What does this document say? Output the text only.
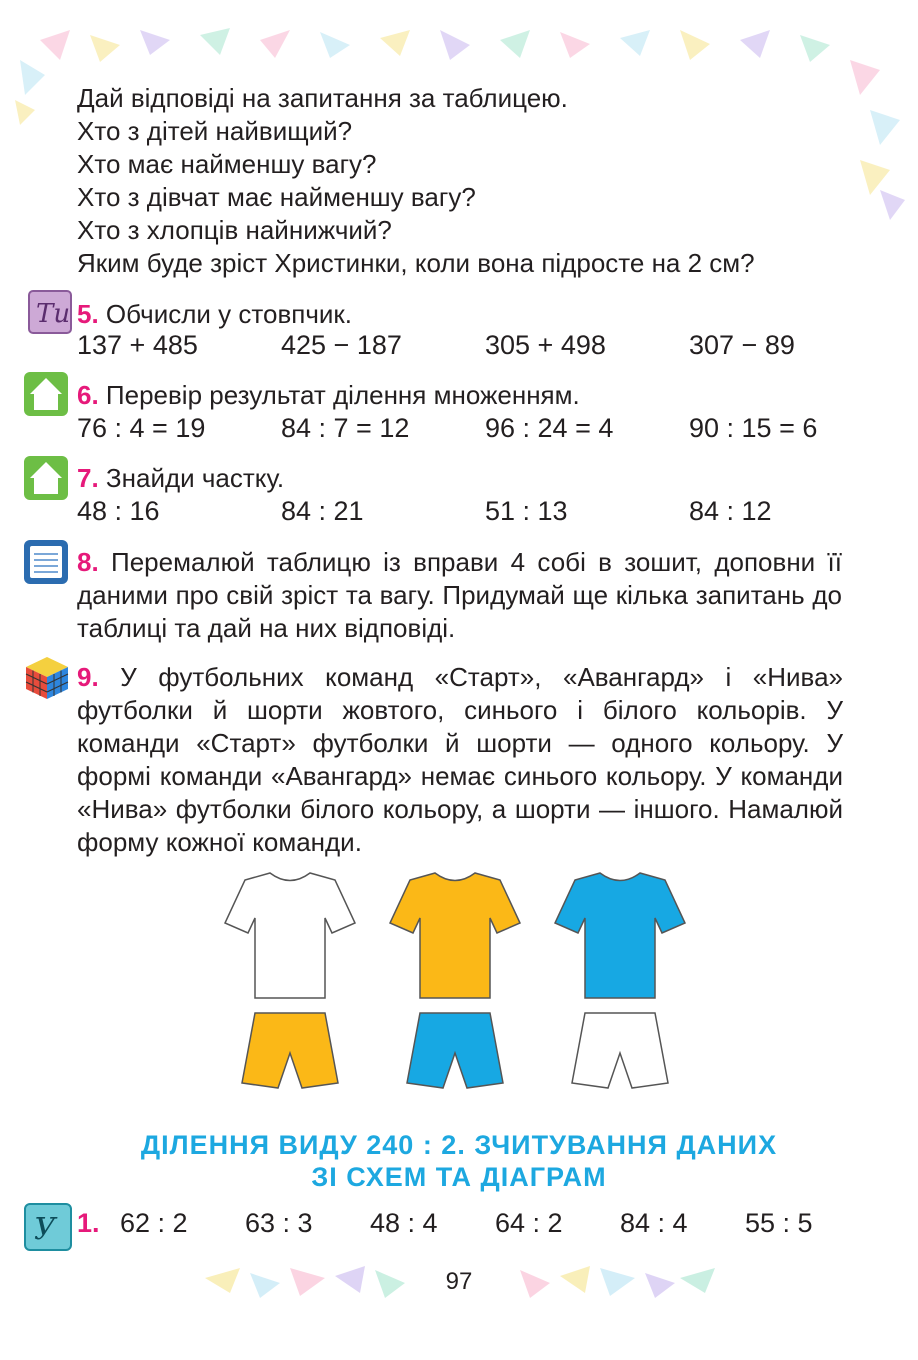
Дай відповіді на запитання за таблицею.
Хто з дітей найвищий?
Хто має найменшу вагу?
Хто з дівчат має найменшу вагу?
Хто з хлопців найнижчий?
Яким буде зріст Христинки, коли вона підросте на 2 см?
Ти 5. Обчисли у стовпчик.
137 + 485	425 − 187	305 + 498	307 − 89
6. Перевір результат ділення множенням.
76 : 4 = 19	84 : 7 = 12	96 : 24 = 4	90 : 15 = 6
7. Знайди частку.
48 : 16	84 : 21	51 : 13	84 : 12
8. Перемалюй таблицю із вправи 4 собі в зошит, доповни її даними про свій зріст та вагу. Придумай ще кілька запитань до таблиці та дай на них відповіді.
9. У футбольних команд «Старт», «Авангард» і «Нива» футболки й шорти жовтого, синього і білого кольорів. У команди «Старт» футболки й шорти — одного кольору. У формі команди «Авангард» немає синього кольору. У команди «Нива» футболки білого кольору, а шорти — іншого. Намалюй форму кожної команди.
ДІЛЕННЯ ВИДУ 240 : 2. ЗЧИТУВАННЯ ДАНИХ
ЗІ СХЕМ ТА ДІАГРАМ
У 1. 62 : 2 63 : 3 48 : 4 64 : 2 84 : 4 55 : 5
97
